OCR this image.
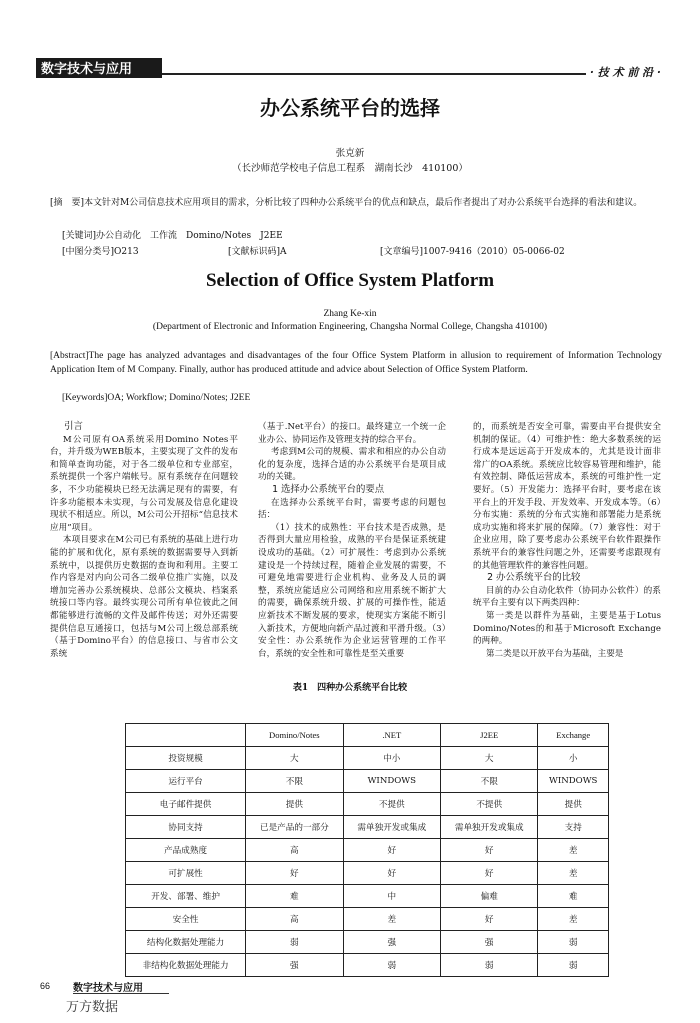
数字技术与应用	· 技 术 前 沿 ·
办公系统平台的选择
张克新
（长沙师范学校电子信息工程系　湖南长沙　410100）
[摘　要]本文针对M公司信息技术应用项目的需求，分析比较了四种办公系统平台的优点和缺点，最后作者提出了对办公系统平台选择的看法和建议。
[关键词]办公自动化　工作流　Domino/Notes　J2EE
[中图分类号]O213	[文献标识码]A	[文章编号]1007-9416（2010）05-0066-02
Selection of Office System Platform
Zhang Ke-xin
(Department of Electronic and Information Engineering, Changsha Normal College, Changsha 410100)
[Abstract]The page has analyzed advantages and disadvantages of the four Office System Platform in allusion to requirement of Information Technology Application Item of M Company. Finally, author has produced attitude and advice about Selection of Office System Platform.
[Keywords]OA; Workflow; Domino/Notes; J2EE

引言

M公司原有OA系统采用Domino Notes平台，并升级为WEB版本，主要实现了文件的发布和简单查询功能，对于各二级单位和专业部室，系统提供一个客户端帐号。原有系统存在问题较多，不少功能模块已经无法满足现有的需要，有许多功能根本未实现，与公司发展及信息化建设现状不相适应。所以，M公司公开招标“信息技术应用”项目。

本项目要求在M公司已有系统的基础上进行功能的扩展和优化，原有系统的数据需要导入到新系统中，以提供历史数据的查询和利用。主要工作内容是对内向公司各二级单位推广实施，以及增加完善办公系统模块、总部公文模块、档案系统接口等内容。最终实现公司所有单位彼此之间都能够进行流畅的文件及邮件传送；对外还需要提供信息互通接口，包括与M公司上级总部系统（基于Domino平台）的信息接口、与省市公文系统

（基于.Net平台）的接口。最终建立一个统一企业办公、协同运作及管理支持的综合平台。

考虑到M公司的规模、需求和相应的办公自动化的复杂度，选择合适的办公系统平台是项目成功的关键。

1 选择办公系统平台的要点

在选择办公系统平台时，需要考虑的问题包括：

（1）技术的成熟性：平台技术是否成熟，是否得到大量应用检验，成熟的平台是保证系统建设成功的基础。（2）可扩展性：考虑到办公系统建设是一个持续过程，随着企业发展的需要，不可避免地需要进行企业机构、业务及人员的调整，系统应能适应公司网络和应用系统不断扩大的需要，确保系统升级、扩展的可操作性，能适应新技术不断发展的要求，使现实方案能不断引入新技术，方便地向新产品过渡和平滑升级。（3）安全性：办公系统作为企业运营管理的工作平台，系统的安全性和可靠性是至关重要

的，而系统是否安全可靠，需要由平台提供安全机制的保证。（4）可维护性：绝大多数系统的运行成本是远远高于开发成本的，尤其是设计面非常广的OA系统。系统应比较容易管理和维护，能有效控制、降低运营成本，系统的可维护性一定要好。（5）开发能力：选择平台时，要考虑在该平台上的开发手段、开发效率、开发成本等。（6）分布实施：系统的分布式实施和部署能力是系统成功实施和将来扩展的保障。（7）兼容性：对于企业应用，除了要考虑办公系统平台软件跟操作系统平台的兼容性问题之外，还需要考虑跟现有的其他管理软件的兼容性问题。

2 办公系统平台的比较

目前的办公自动化软件（协同办公软件）的系统平台主要有以下两类四种：

第一类是以群件为基础，主要是基于Lotus Domino/Notes的和基于Microsoft Exchange的两种。

第二类是以开放平台为基础，主要是

表1　四种办公系统平台比较
	Domino/Notes	.NET	J2EE	Exchange
投资规模	大	中小	大	小
运行平台	不限	WINDOWS	不限	WINDOWS
电子邮件提供	提供	不提供	不提供	提供
协同支持	已是产品的一部分	需单独开发或集成	需单独开发或集成	支持
产品成熟度	高	好	好	差
可扩展性	好	好	好	差
开发、部署、维护	难	中	偏难	难
安全性	高	差	好	差
结构化数据处理能力	弱	强	强	弱
非结构化数据处理能力	强	弱	弱	弱
66 数字技术与应用
万方数据
